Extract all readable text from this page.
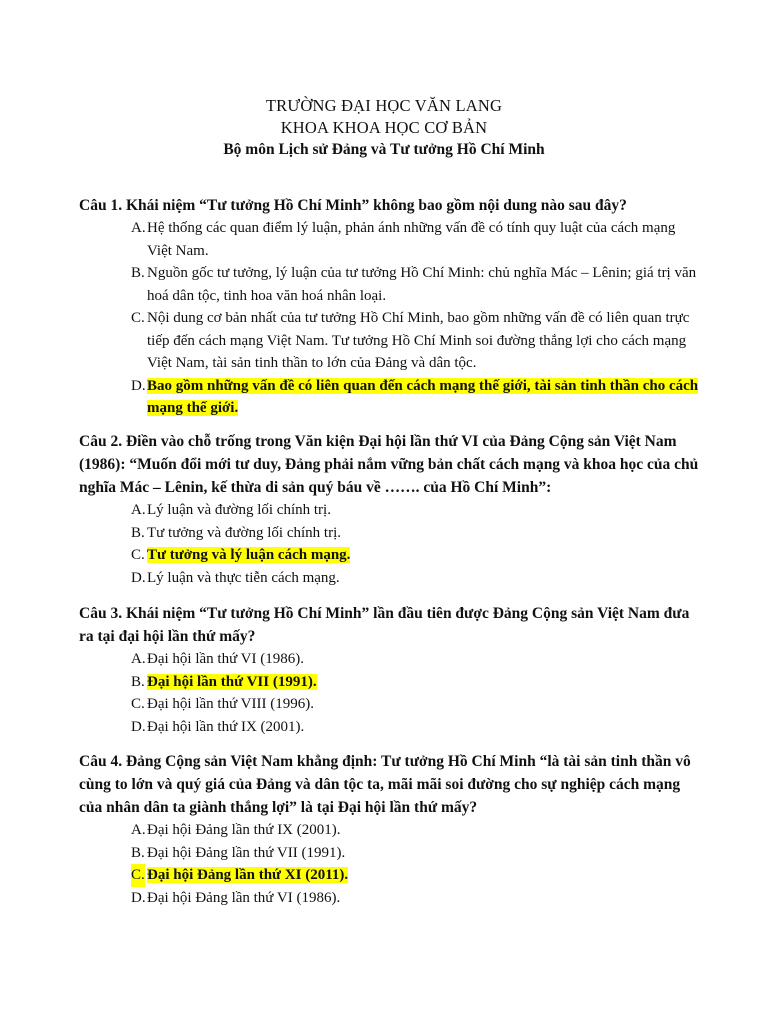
TRƯỜNG ĐẠI HỌC VĂN LANG
KHOA KHOA HỌC CƠ BẢN
Bộ môn Lịch sử Đảng và Tư tưởng Hồ Chí Minh
Câu 1. Khái niệm “Tư tưởng Hồ Chí Minh” không bao gồm nội dung nào sau đây?
A. Hệ thống các quan điểm lý luận, phản ánh những vấn đề có tính quy luật của cách mạng Việt Nam.
B. Nguồn gốc tư tưởng, lý luận của tư tưởng Hồ Chí Minh: chủ nghĩa Mác – Lênin; giá trị văn hoá dân tộc, tinh hoa văn hoá nhân loại.
C. Nội dung cơ bản nhất của tư tưởng Hồ Chí Minh, bao gồm những vấn đề có liên quan trực tiếp đến cách mạng Việt Nam. Tư tưởng Hồ Chí Minh soi đường thắng lợi cho cách mạng Việt Nam, tài sản tinh thần to lớn của Đảng và dân tộc.
D. Bao gồm những vấn đề có liên quan đến cách mạng thế giới, tài sản tinh thần cho cách mạng thế giới.
Câu 2. Điền vào chỗ trống trong Văn kiện Đại hội lần thứ VI của Đảng Cộng sản Việt Nam (1986): “Muốn đổi mới tư duy, Đảng phải nắm vững bản chất cách mạng và khoa học của chủ nghĩa Mác – Lênin, kế thừa di sản quý báu về ……. của Hồ Chí Minh”:
A. Lý luận và đường lối chính trị.
B. Tư tưởng và đường lối chính trị.
C. Tư tưởng và lý luận cách mạng.
D. Lý luận và thực tiễn cách mạng.
Câu 3. Khái niệm “Tư tưởng Hồ Chí Minh” lần đầu tiên được Đảng Cộng sản Việt Nam đưa ra tại đại hội lần thứ mấy?
A. Đại hội lần thứ VI (1986).
B. Đại hội lần thứ VII (1991).
C. Đại hội lần thứ VIII (1996).
D. Đại hội lần thứ IX (2001).
Câu 4. Đảng Cộng sản Việt Nam khẳng định: Tư tưởng Hồ Chí Minh “là tài sản tinh thần vô cùng to lớn và quý giá của Đảng và dân tộc ta, mãi mãi soi đường cho sự nghiệp cách mạng của nhân dân ta giành thắng lợi” là tại Đại hội lần thứ mấy?
A. Đại hội Đảng lần thứ IX (2001).
B. Đại hội Đảng lần thứ VII (1991).
C. Đại hội Đảng lần thứ XI (2011).
D. Đại hội Đảng lần thứ VI (1986).
